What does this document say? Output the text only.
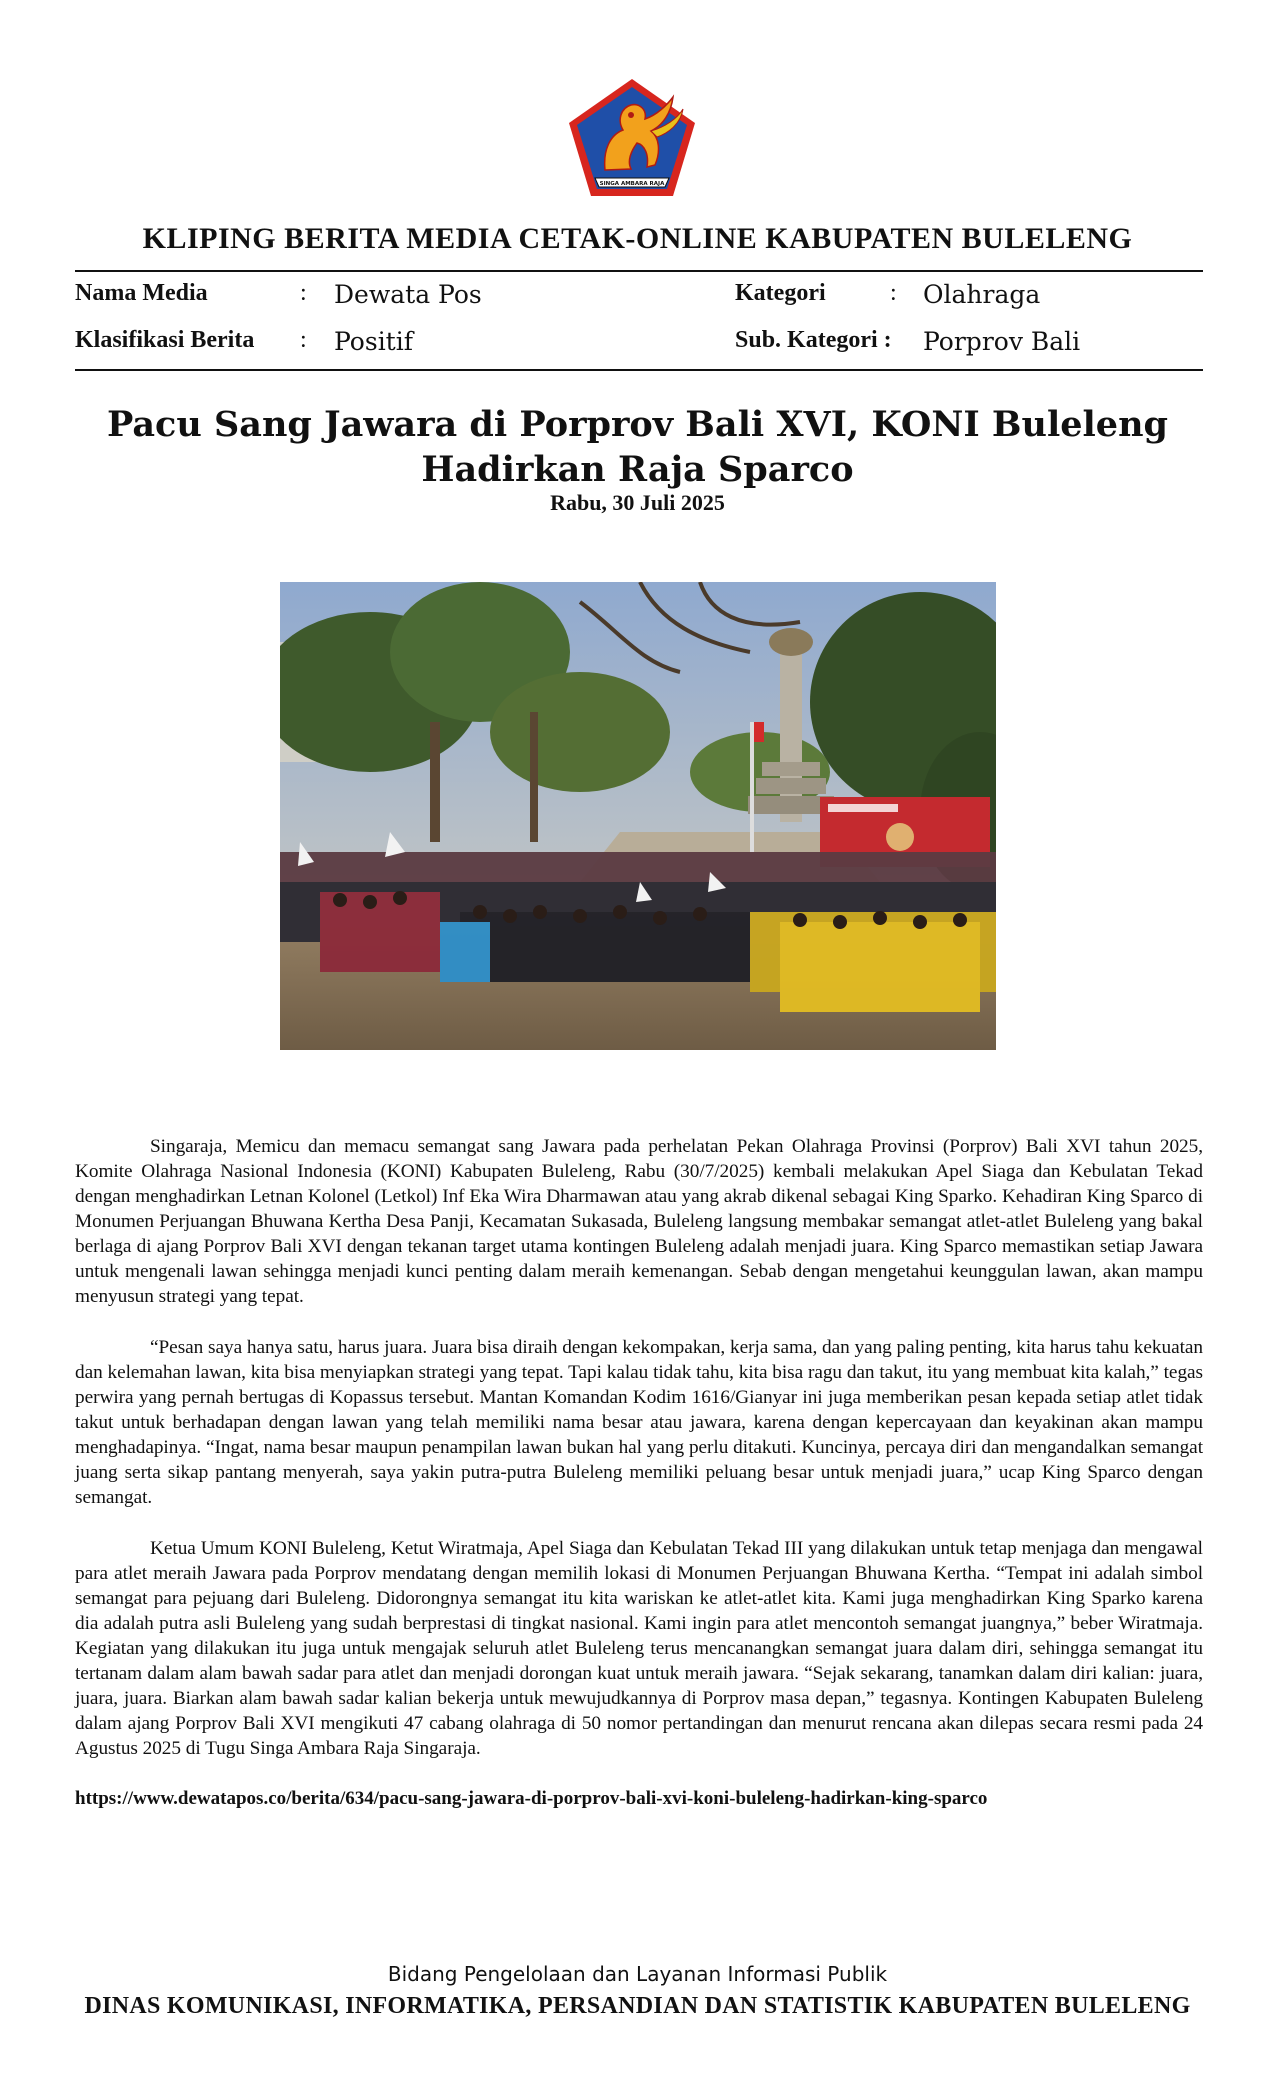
SINGA AMBARA RAJA
KLIPING BERITA MEDIA CETAK-ONLINE KABUPATEN BULELENG
Nama Media	: Dewata Pos	Kategori	: Olahraga
Klasifikasi Berita : Positif	Sub. Kategori : Porprov Bali
Pacu Sang Jawara di Porprov Bali XVI, KONI Buleleng
Hadirkan Raja Sparco
Rabu, 30 Juli 2025

Singaraja, Memicu dan memacu semangat sang Jawara pada perhelatan Pekan Olahraga Provinsi (Porprov) Bali XVI tahun 2025, Komite Olahraga Nasional Indonesia (KONI) Kabupaten Buleleng, Rabu (30/7/2025) kembali melakukan Apel Siaga dan Kebulatan Tekad dengan menghadirkan Letnan Kolonel (Letkol) Inf Eka Wira Dharmawan atau yang akrab dikenal sebagai King Sparko. Kehadiran King Sparco di Monumen Perjuangan Bhuwana Kertha Desa Panji, Kecamatan Sukasada, Buleleng langsung membakar semangat atlet-atlet Buleleng yang bakal berlaga di ajang Porprov Bali XVI dengan tekanan target utama kontingen Buleleng adalah menjadi juara. King Sparco memastikan setiap Jawara untuk mengenali lawan sehingga menjadi kunci penting dalam meraih kemenangan. Sebab dengan mengetahui keunggulan lawan, akan mampu menyusun strategi yang tepat.

“Pesan saya hanya satu, harus juara. Juara bisa diraih dengan kekompakan, kerja sama, dan yang paling penting, kita harus tahu kekuatan dan kelemahan lawan, kita bisa menyiapkan strategi yang tepat. Tapi kalau tidak tahu, kita bisa ragu dan takut, itu yang membuat kita kalah,” tegas perwira yang pernah bertugas di Kopassus tersebut. Mantan Komandan Kodim 1616/Gianyar ini juga memberikan pesan kepada setiap atlet tidak takut untuk berhadapan dengan lawan yang telah memiliki nama besar atau jawara, karena dengan kepercayaan dan keyakinan akan mampu menghadapinya. “Ingat, nama besar maupun penampilan lawan bukan hal yang perlu ditakuti. Kuncinya, percaya diri dan mengandalkan semangat juang serta sikap pantang menyerah, saya yakin putra-putra Buleleng memiliki peluang besar untuk menjadi juara,” ucap King Sparco dengan semangat.

Ketua Umum KONI Buleleng, Ketut Wiratmaja, Apel Siaga dan Kebulatan Tekad III yang dilakukan untuk tetap menjaga dan mengawal para atlet meraih Jawara pada Porprov mendatang dengan memilih lokasi di Monumen Perjuangan Bhuwana Kertha. “Tempat ini adalah simbol semangat para pejuang dari Buleleng. Didorongnya semangat itu kita wariskan ke atlet-atlet kita. Kami juga menghadirkan King Sparko karena dia adalah putra asli Buleleng yang sudah berprestasi di tingkat nasional. Kami ingin para atlet mencontoh semangat juangnya,” beber Wiratmaja. Kegiatan yang dilakukan itu juga untuk mengajak seluruh atlet Buleleng terus mencanangkan semangat juara dalam diri, sehingga semangat itu tertanam dalam alam bawah sadar para atlet dan menjadi dorongan kuat untuk meraih jawara. “Sejak sekarang, tanamkan dalam diri kalian: juara, juara, juara. Biarkan alam bawah sadar kalian bekerja untuk mewujudkannya di Porprov masa depan,” tegasnya. Kontingen Kabupaten Buleleng dalam ajang Porprov Bali XVI mengikuti 47 cabang olahraga di 50 nomor pertandingan dan menurut rencana akan dilepas secara resmi pada 24 Agustus 2025 di Tugu Singa Ambara Raja Singaraja.

https://www.dewatapos.co/berita/634/pacu-sang-jawara-di-porprov-bali-xvi-koni-buleleng-hadirkan-king-sparco
Bidang Pengelolaan dan Layanan Informasi Publik
DINAS KOMUNIKASI, INFORMATIKA, PERSANDIAN DAN STATISTIK KABUPATEN BULELENG
